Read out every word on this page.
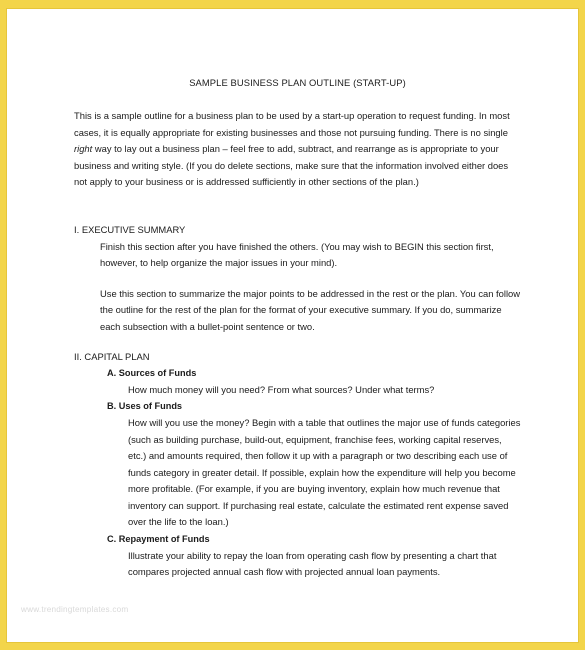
SAMPLE BUSINESS PLAN OUTLINE (START-UP)

This is a sample outline for a business plan to be used by a start-up operation to request funding. In most cases, it is equally appropriate for existing businesses and those not pursuing funding. There is no single right way to lay out a business plan – feel free to add, subtract, and rearrange as is appropriate to your business and writing style. (If you do delete sections, make sure that the information involved either does not apply to your business or is addressed sufficiently in other sections of the plan.)

I. EXECUTIVE SUMMARY

Finish this section after you have finished the others. (You may wish to BEGIN this section first, however, to help organize the major issues in your mind).

Use this section to summarize the major points to be addressed in the rest or the plan. You can follow the outline for the rest of the plan for the format of your executive summary. If you do, summarize each subsection with a bullet-point sentence or two.

II. CAPITAL PLAN

A. Sources of Funds

How much money will you need? From what sources? Under what terms?

B. Uses of Funds

How will you use the money? Begin with a table that outlines the major use of funds categories (such as building purchase, build-out, equipment, franchise fees, working capital reserves, etc.) and amounts required, then follow it up with a paragraph or two describing each use of funds category in greater detail. If possible, explain how the expenditure will help you become more profitable. (For example, if you are buying inventory, explain how much revenue that inventory can support. If purchasing real estate, calculate the estimated rent expense saved over the life to the loan.)

C. Repayment of Funds

Illustrate your ability to repay the loan from operating cash flow by presenting a chart that compares projected annual cash flow with projected annual loan payments.

www.trendingtemplates.com
